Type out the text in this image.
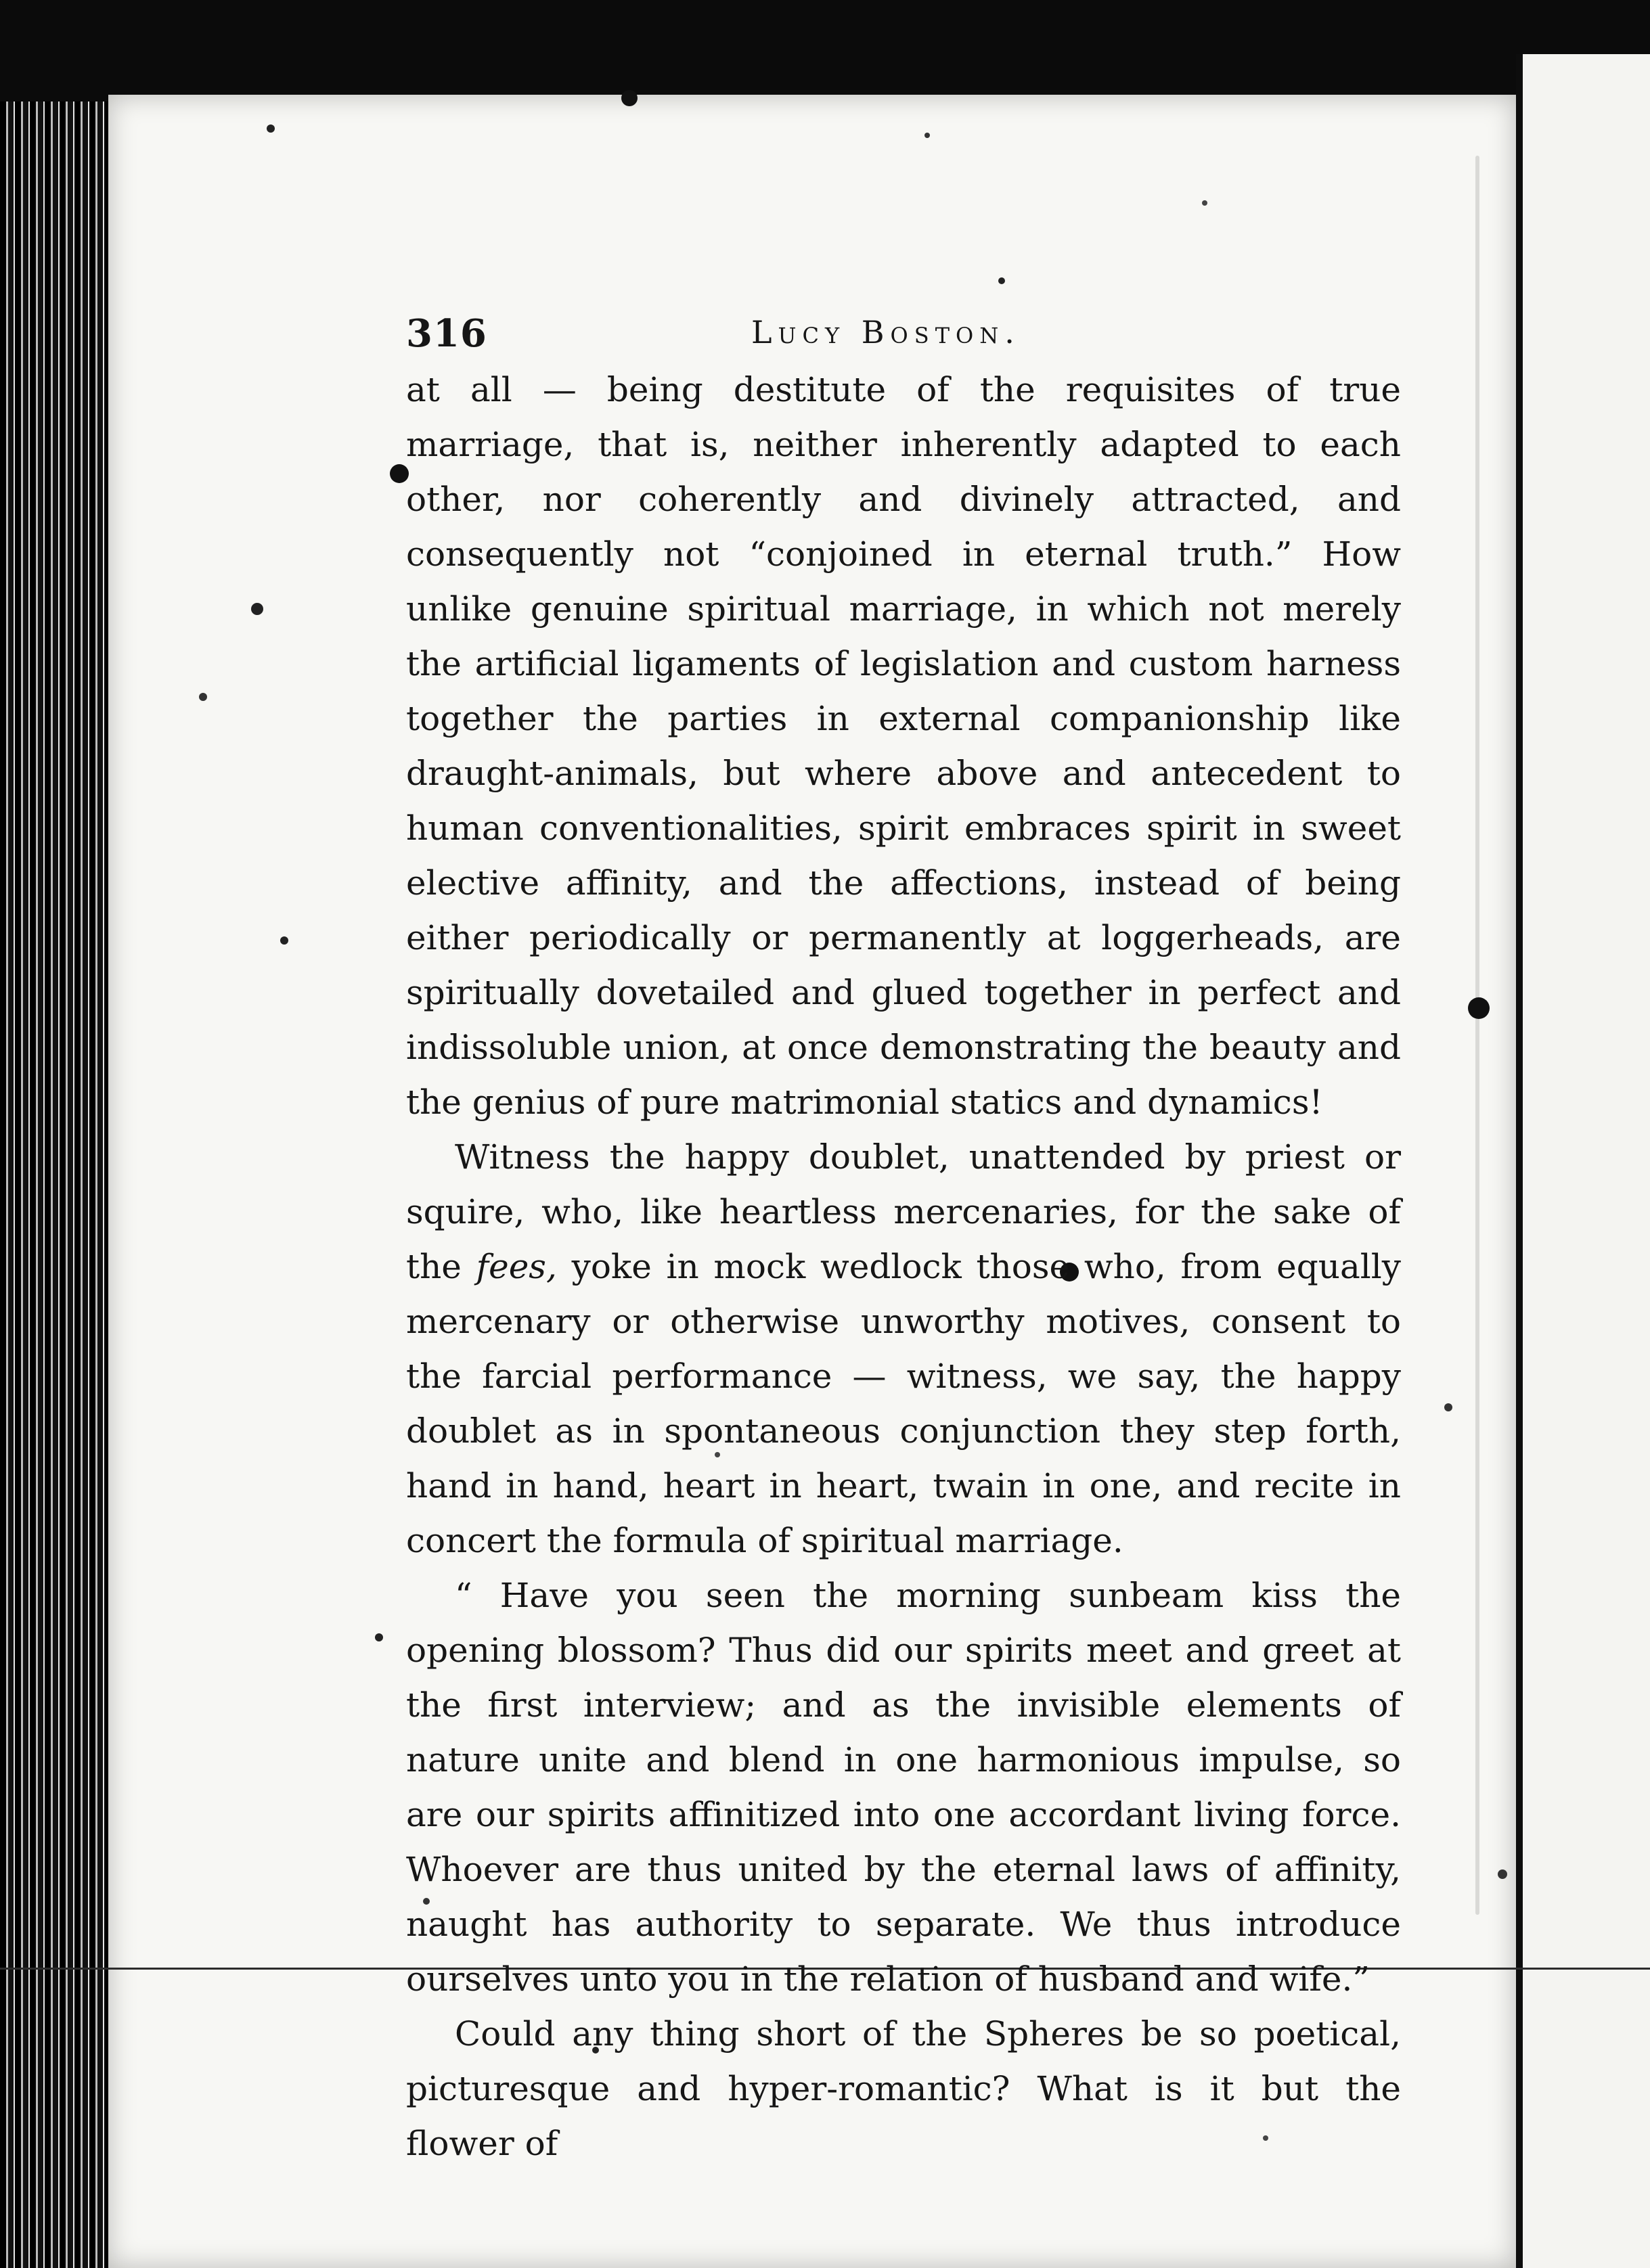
316	Lucy Boston.

at all — being destitute of the requisites of true marriage, that is, neither inherently adapted to each other, nor coherently and divinely attracted, and consequently not “conjoined in eternal truth.” How unlike genuine spiritual marriage, in which not merely the artificial ligaments of legislation and custom harness together the parties in external companionship like draught-animals, but where above and antecedent to human conventionalities, spirit embraces spirit in sweet elective affinity, and the affections, instead of being either periodically or permanently at loggerheads, are spiritually dovetailed and glued together in perfect and indissoluble union, at once demonstrating the beauty and the genius of pure matrimonial statics and dynamics!

Witness the happy doublet, unattended by priest or squire, who, like heartless mercenaries, for the sake of the fees, yoke in mock wedlock those who, from equally mercenary or otherwise unworthy motives, consent to the farcial performance — witness, we say, the happy doublet as in spontaneous conjunction they step forth, hand in hand, heart in heart, twain in one, and recite in concert the formula of spiritual marriage.

“ Have you seen the morning sunbeam kiss the opening blossom? Thus did our spirits meet and greet at the first interview; and as the invisible elements of nature unite and blend in one harmonious impulse, so are our spirits affinitized into one accordant living force. Whoever are thus united by the eternal laws of affinity, naught has authority to separate. We thus introduce ourselves unto you in the relation of husband and wife.”

Could any thing short of the Spheres be so poetical, picturesque and hyper-romantic? What is it but the flower of
